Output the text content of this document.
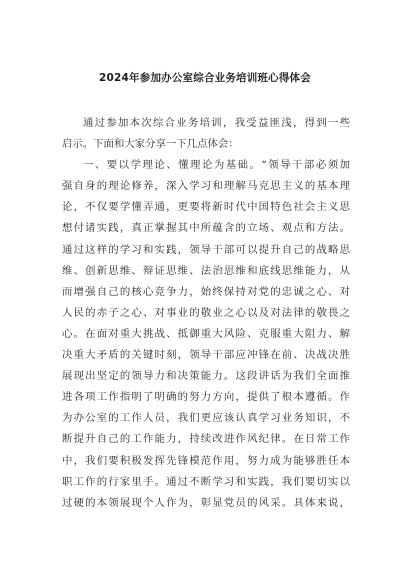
2024年参加办公室综合业务培训班心得体会
通过参加本次综合业务培训，我受益匪浅，得到一些
启示。下面和大家分享一下几点体会：
一、要以学理论、懂理论为基础。“领导干部必须加
强自身的理论修养，深入学习和理解马克思主义的基本理
论，不仅要学懂弄通，更要将新时代中国特色社会主义思
想付诸实践，真正掌握其中所蕴含的立场、观点和方法。
通过这样的学习和实践，领导干部可以提升自己的战略思
维、创新思维、辩证思维、法治思维和底线思维能力，从
而增强自己的核心竞争力，始终保持对党的忠诚之心、对
人民的赤子之心、对事业的敬业之心以及对法律的敬畏之
心。在面对重大挑战、抵御重大风险、克服重大阻力、解
决重大矛盾的关键时刻，领导干部应冲锋在前、决战决胜
展现出坚定的领导力和决策能力。这段讲话为我们全面推
进各项工作指明了明确的努力方向，提供了根本遵循。作
为办公室的工作人员，我们更应该认真学习业务知识，不
断提升自己的工作能力，持续改进作风纪律。在日常工作
中，我们要积极发挥先锋模范作用，努力成为能够胜任本
职工作的行家里手。通过不断学习和实践，我们要切实以
过硬的本领展现个人作为，彰显党员的风采。具体来说，
